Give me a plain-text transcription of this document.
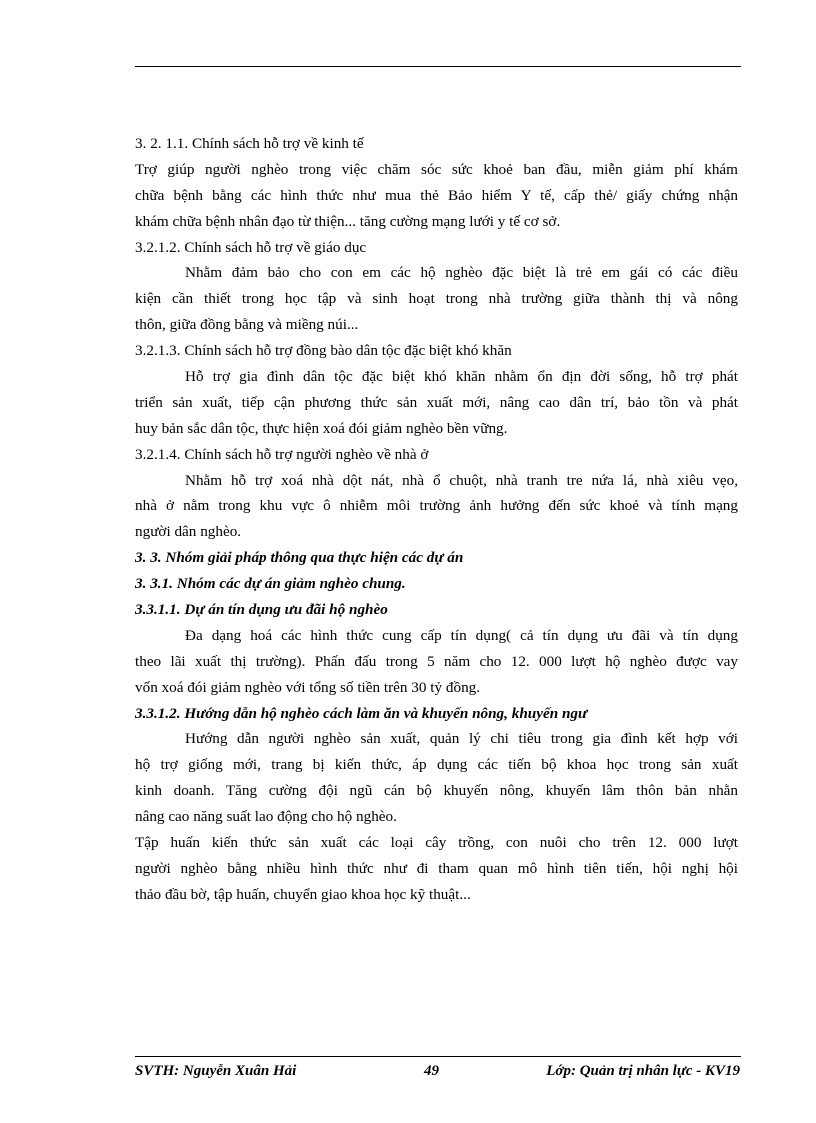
3. 2. 1.1. Chính sách hỗ trợ về kinh tế
Trợ giúp người nghèo trong việc chăm sóc sức khoẻ ban đầu, miễn giảm phí khám
chữa bệnh bằng các hình thức như mua thẻ Bảo hiểm Y tế, cấp thẻ/ giấy chứng nhận
khám chữa bệnh nhân đạo từ thiện... tăng cường mạng lưới y tế cơ sở.
3.2.1.2. Chính sách hỗ trợ về giáo dục
Nhằm đảm bảo cho con em các hộ nghèo đặc biệt là trẻ em gái có các điều
kiện cần thiết trong học tập và sinh hoạt trong nhà trường giữa thành thị và nông
thôn, giữa đồng bằng và miềng núi...
3.2.1.3. Chính sách hỗ trợ đồng bào dân tộc đặc biệt khó khăn
Hỗ trợ gia đình dân tộc đặc biệt khó khăn nhằm ổn địn đời sống, hỗ trợ phát
triển sản xuất, tiếp cận phương thức sản xuất mới, nâng cao dân trí, bảo tồn và phát
huy bản sắc dân tộc, thực hiện xoá đói giảm nghèo bền vững.
3.2.1.4. Chính sách hỗ trợ người nghèo về nhà ở
Nhằm hỗ trợ xoá nhà dột nát, nhà ổ chuột, nhà tranh tre nứa lá, nhà xiêu vẹo,
nhà ở nằm trong khu vực ô nhiễm môi trường ảnh hưởng đến sức khoẻ và tính mạng
người dân nghèo.
3. 3. Nhóm giải pháp thông qua thực hiện các dự án
3. 3.1. Nhóm các dự án giảm nghèo chung.
3.3.1.1. Dự án tín dụng ưu đãi hộ nghèo
Đa dạng hoá các hình thức cung cấp tín dụng( cả tín dụng ưu đãi và tín dụng
theo lãi xuất thị trường). Phấn đấu trong 5 năm cho 12. 000 lượt hộ nghèo được vay
vốn xoá đói giảm nghèo với tổng số tiền trên 30 tỷ đồng.
3.3.1.2. Hướng dẫn hộ nghèo cách làm ăn và khuyến nông, khuyến ngư
Hướng dẫn người nghèo sản xuất, quản lý chi tiêu trong gia đình kết hợp với
hộ trợ giống mới, trang bị kiến thức, áp dụng các tiến bộ khoa học trong sản xuất
kinh doanh. Tăng cường đội ngũ cán bộ khuyến nông, khuyến lâm thôn bản nhằn
nâng cao năng suất lao động cho hộ nghèo.
Tập huấn kiến thức sản xuất các loại cây trồng, con nuôi cho trên 12. 000 lượt
người nghèo bằng nhiều hình thức như đi tham quan mô hình tiên tiến, hội nghị hội
thảo đầu bờ, tập huấn, chuyển giao khoa học kỹ thuật...
SVTH: Nguyễn Xuân Hải	49	Lớp: Quản trị nhân lực - KV19
